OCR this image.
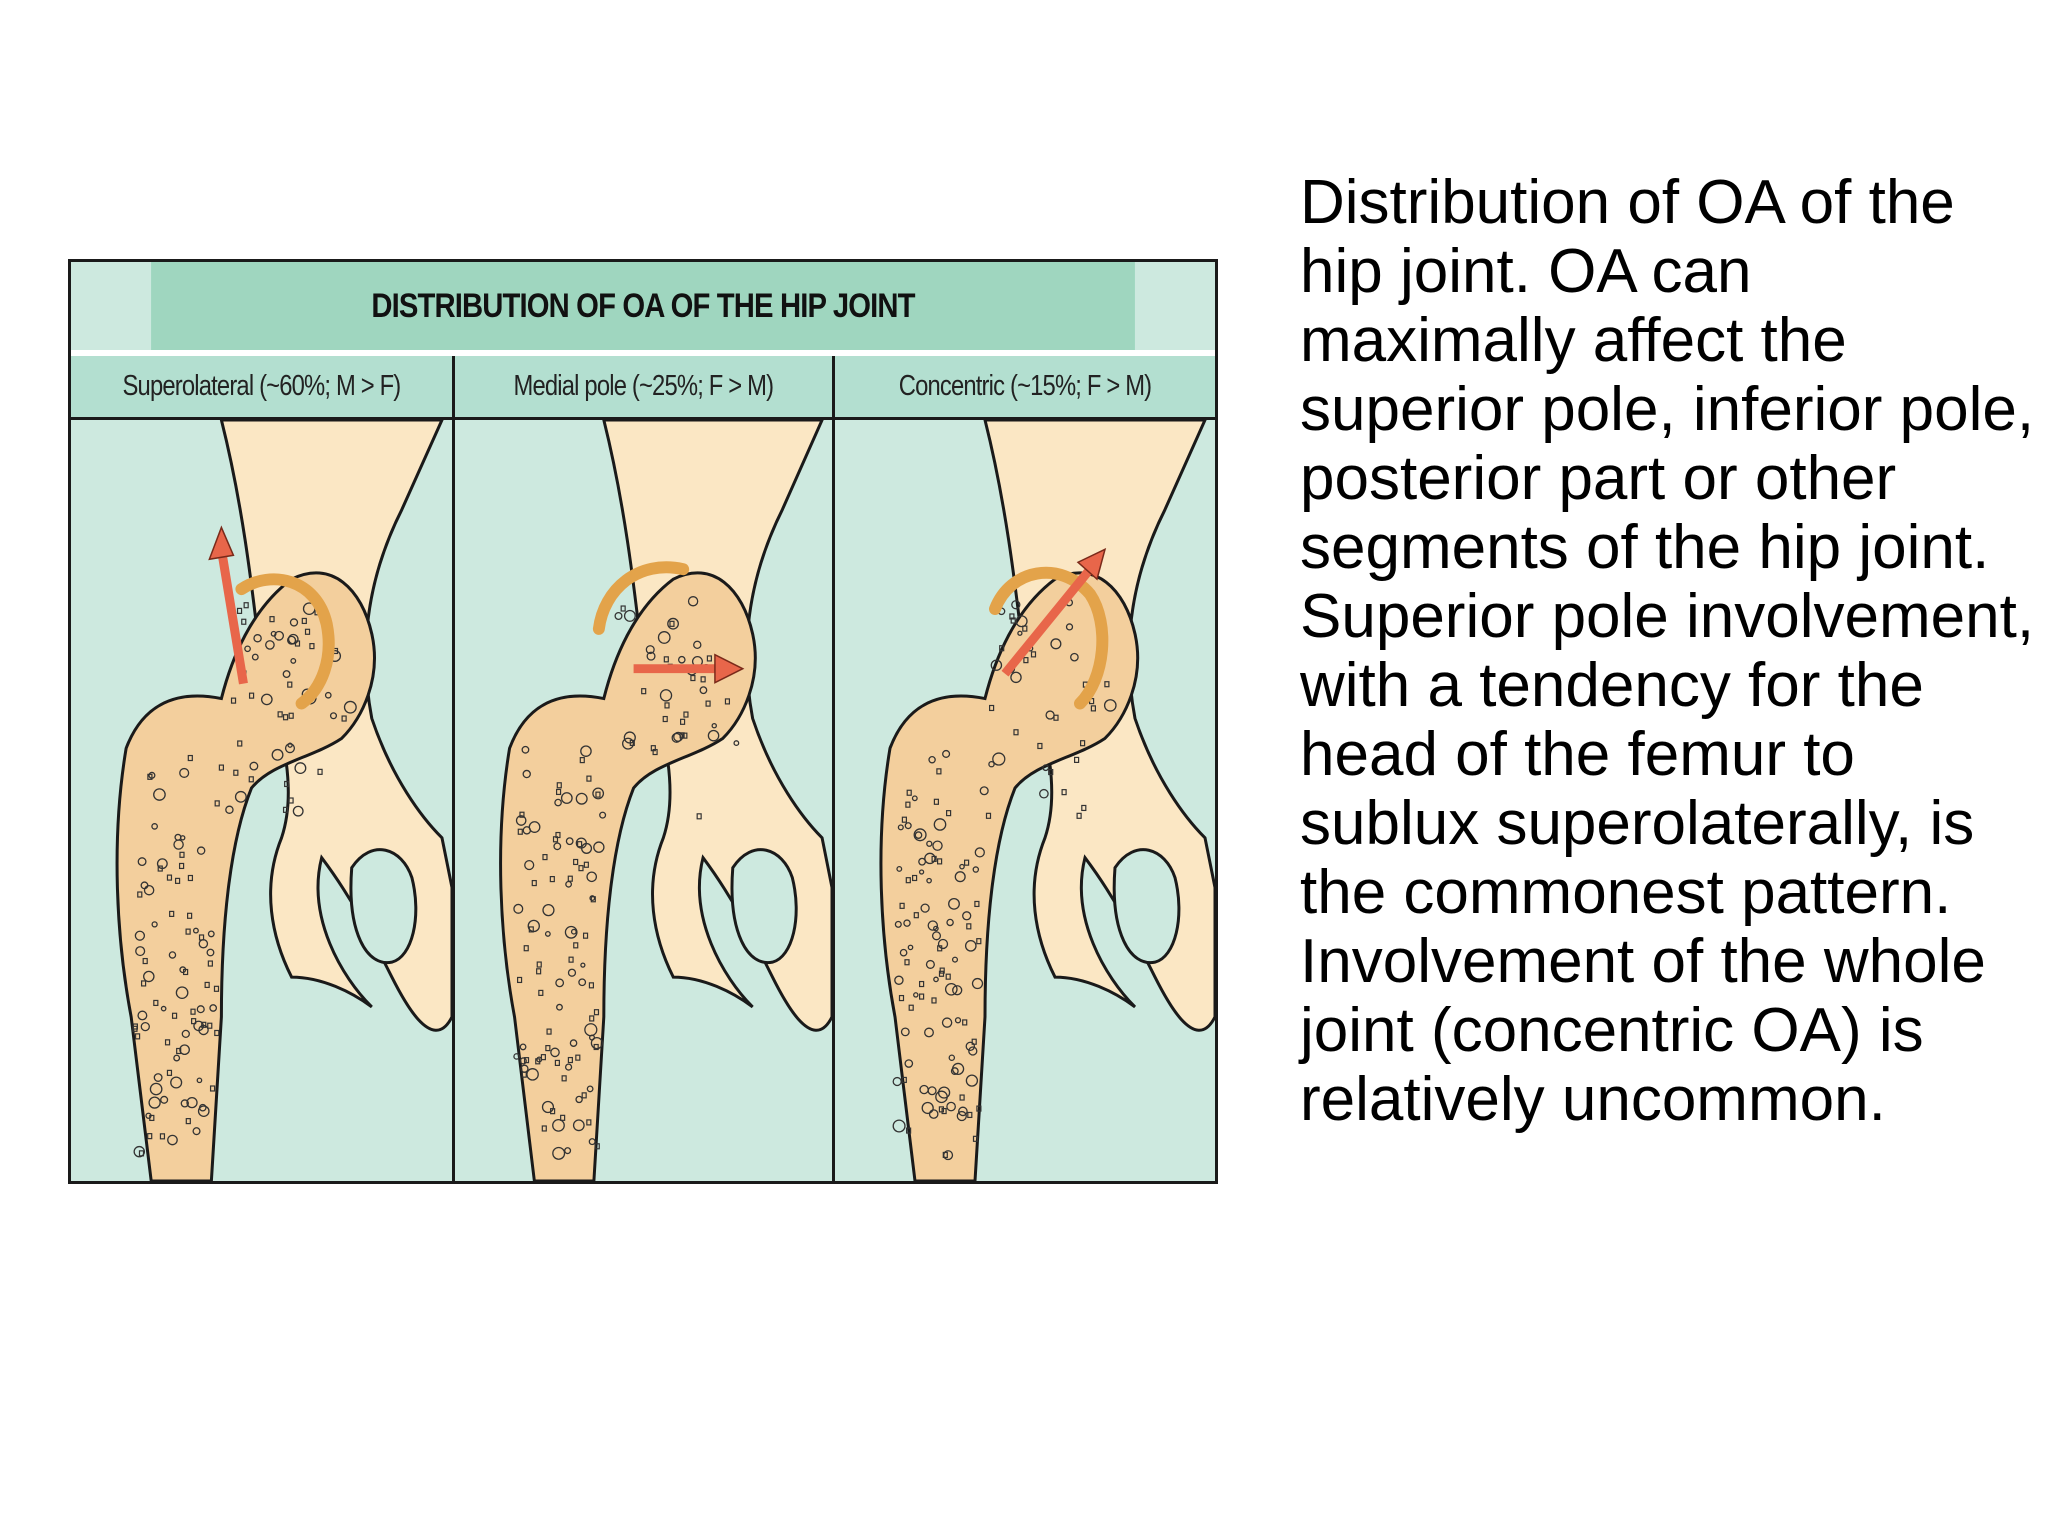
DISTRIBUTION OF OA OF THE HIP JOINT
Superolateral (~60%; M > F)	Medial pole (~25%; F > M)	Concentric (~15%; F > M)
Distribution of OA of the hip joint. OA can maximally affect the superior pole, inferior pole, posterior part or other segments of the hip joint. Superior pole involvement, with a tendency for the head of the femur to sublux superolaterally, is the commonest pattern. Involvement of the whole joint (concentric OA) is relatively uncommon.
